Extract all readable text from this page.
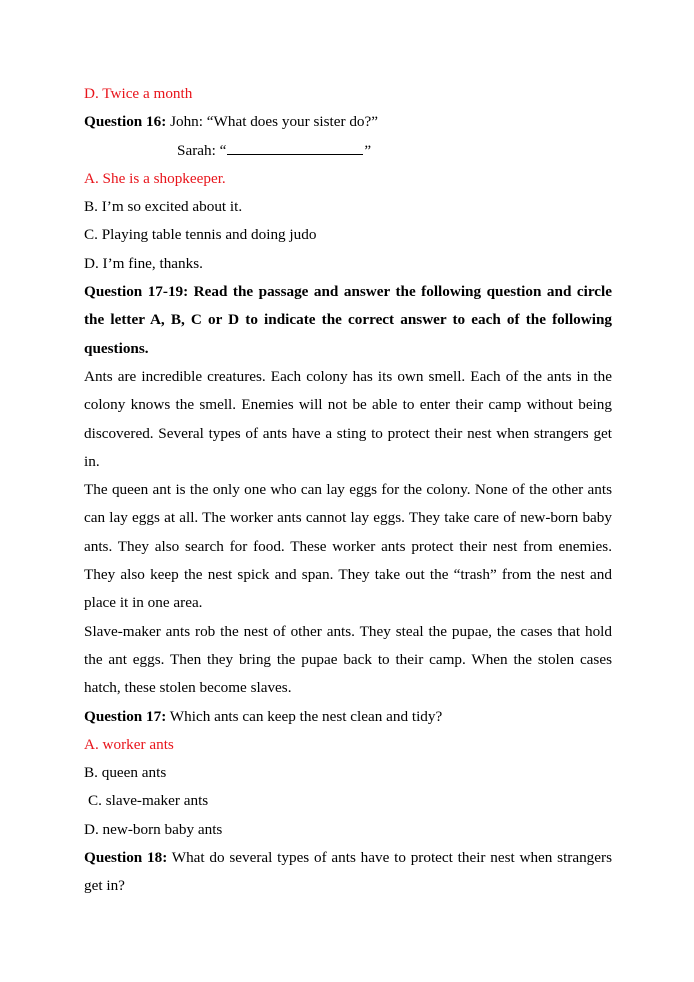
D. Twice a month
Question 16: John: “What does your sister do?”
Sarah: “	”
A. She is a shopkeeper.
B. I’m so excited about it.
C. Playing table tennis and doing judo
D. I’m fine, thanks.
Question 17-19: Read the passage and answer the following question and circle the letter A, B, C or D to indicate the correct answer to each of the following questions.
Ants are incredible creatures. Each colony has its own smell. Each of the ants in the colony knows the smell. Enemies will not be able to enter their camp without being discovered. Several types of ants have a sting to protect their nest when strangers get in.
The queen ant is the only one who can lay eggs for the colony. None of the other ants can lay eggs at all. The worker ants cannot lay eggs. They take care of new-born baby ants. They also search for food. These worker ants protect their nest from enemies. They also keep the nest spick and span. They take out the “trash” from the nest and place it in one area.
Slave-maker ants rob the nest of other ants. They steal the pupae, the cases that hold the ant eggs. Then they bring the pupae back to their camp. When the stolen cases hatch, these stolen become slaves.
Question 17: Which ants can keep the nest clean and tidy?
A. worker ants
B. queen ants
C. slave-maker ants
D. new-born baby ants
Question 18: What do several types of ants have to protect their nest when strangers get in?
